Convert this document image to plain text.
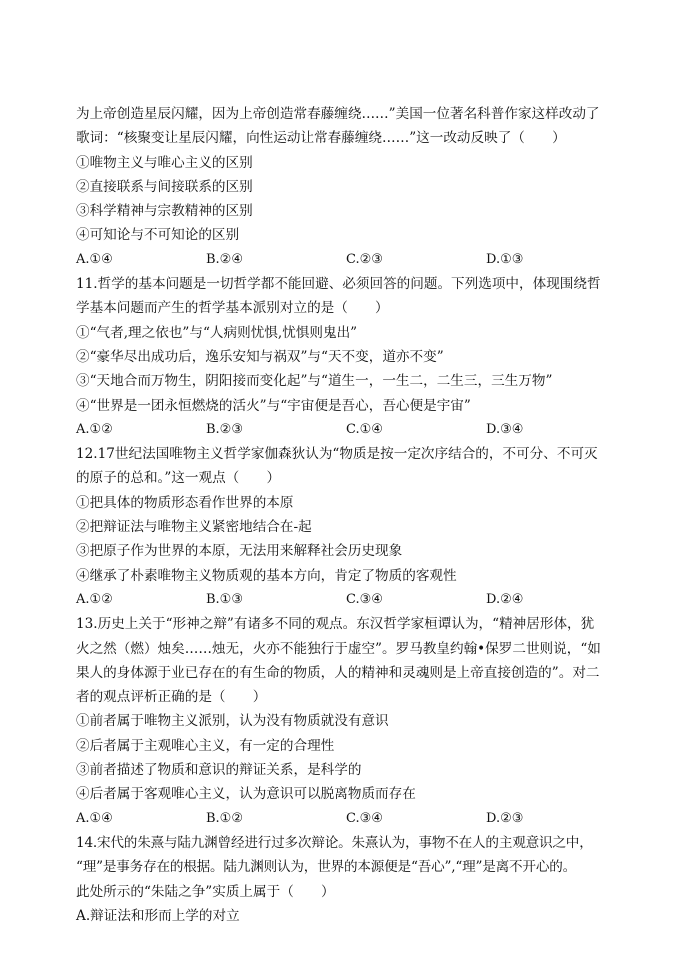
为上帝创造星辰闪耀，因为上帝创造常春藤缠绕……”美国一位著名科普作家这样改动了
歌词：“核聚变让星辰闪耀，向性运动让常春藤缠绕……”这一改动反映了（　　）
①唯物主义与唯心主义的区别
②直接联系与间接联系的区别
③科学精神与宗教精神的区别
④可知论与不可知论的区别
A.①④	B.②④	C.②③	D.①③
11.哲学的基本问题是一切哲学都不能回避、必须回答的问题。下列选项中，体现围绕哲
学基本问题而产生的哲学基本派别对立的是（　　）
①“气者,理之依也”与“人病则忧惧,忧惧则鬼出”
②“豪华尽出成功后，逸乐安知与祸双”与“天不变，道亦不变”
③“天地合而万物生，阴阳接而变化起”与“道生一，一生二，二生三，三生万物”
④“世界是一团永恒燃烧的活火”与“宇宙便是吾心，吾心便是宇宙”
A.①②	B.②③	C.①④	D.③④
12.17世纪法国唯物主义哲学家伽森狄认为“物质是按一定次序结合的，不可分、不可灭
的原子的总和。”这一观点（　　）
①把具体的物质形态看作世界的本原
②把辩证法与唯物主义紧密地结合在-起
③把原子作为世界的本原，无法用来解释社会历史现象
④继承了朴素唯物主义物质观的基本方向，肯定了物质的客观性
A.①②	B.①③	C.③④	D.②④
13.历史上关于“形神之辩”有诸多不同的观点。东汉哲学家桓谭认为，“精神居形体，犹
火之然（燃）烛矣……烛无，火亦不能独行于虚空”。罗马教皇约翰•保罗二世则说，“如
果人的身体源于业已存在的有生命的物质，人的精神和灵魂则是上帝直接创造的”。对二
者的观点评析正确的是（　　）
①前者属于唯物主义派别，认为没有物质就没有意识
②后者属于主观唯心主义，有一定的合理性
③前者描述了物质和意识的辩证关系，是科学的
④后者属于客观唯心主义，认为意识可以脱离物质而存在
A.①④	B.①②	C.③④	D.②③
14.宋代的朱熹与陆九渊曾经进行过多次辩论。朱熹认为，事物不在人的主观意识之中，
“理”是事务存在的根据。陆九渊则认为，世界的本源便是“吾心”,“理”是离不开心的。
此处所示的“朱陆之争”实质上属于（　　）
A.辩证法和形而上学的对立
